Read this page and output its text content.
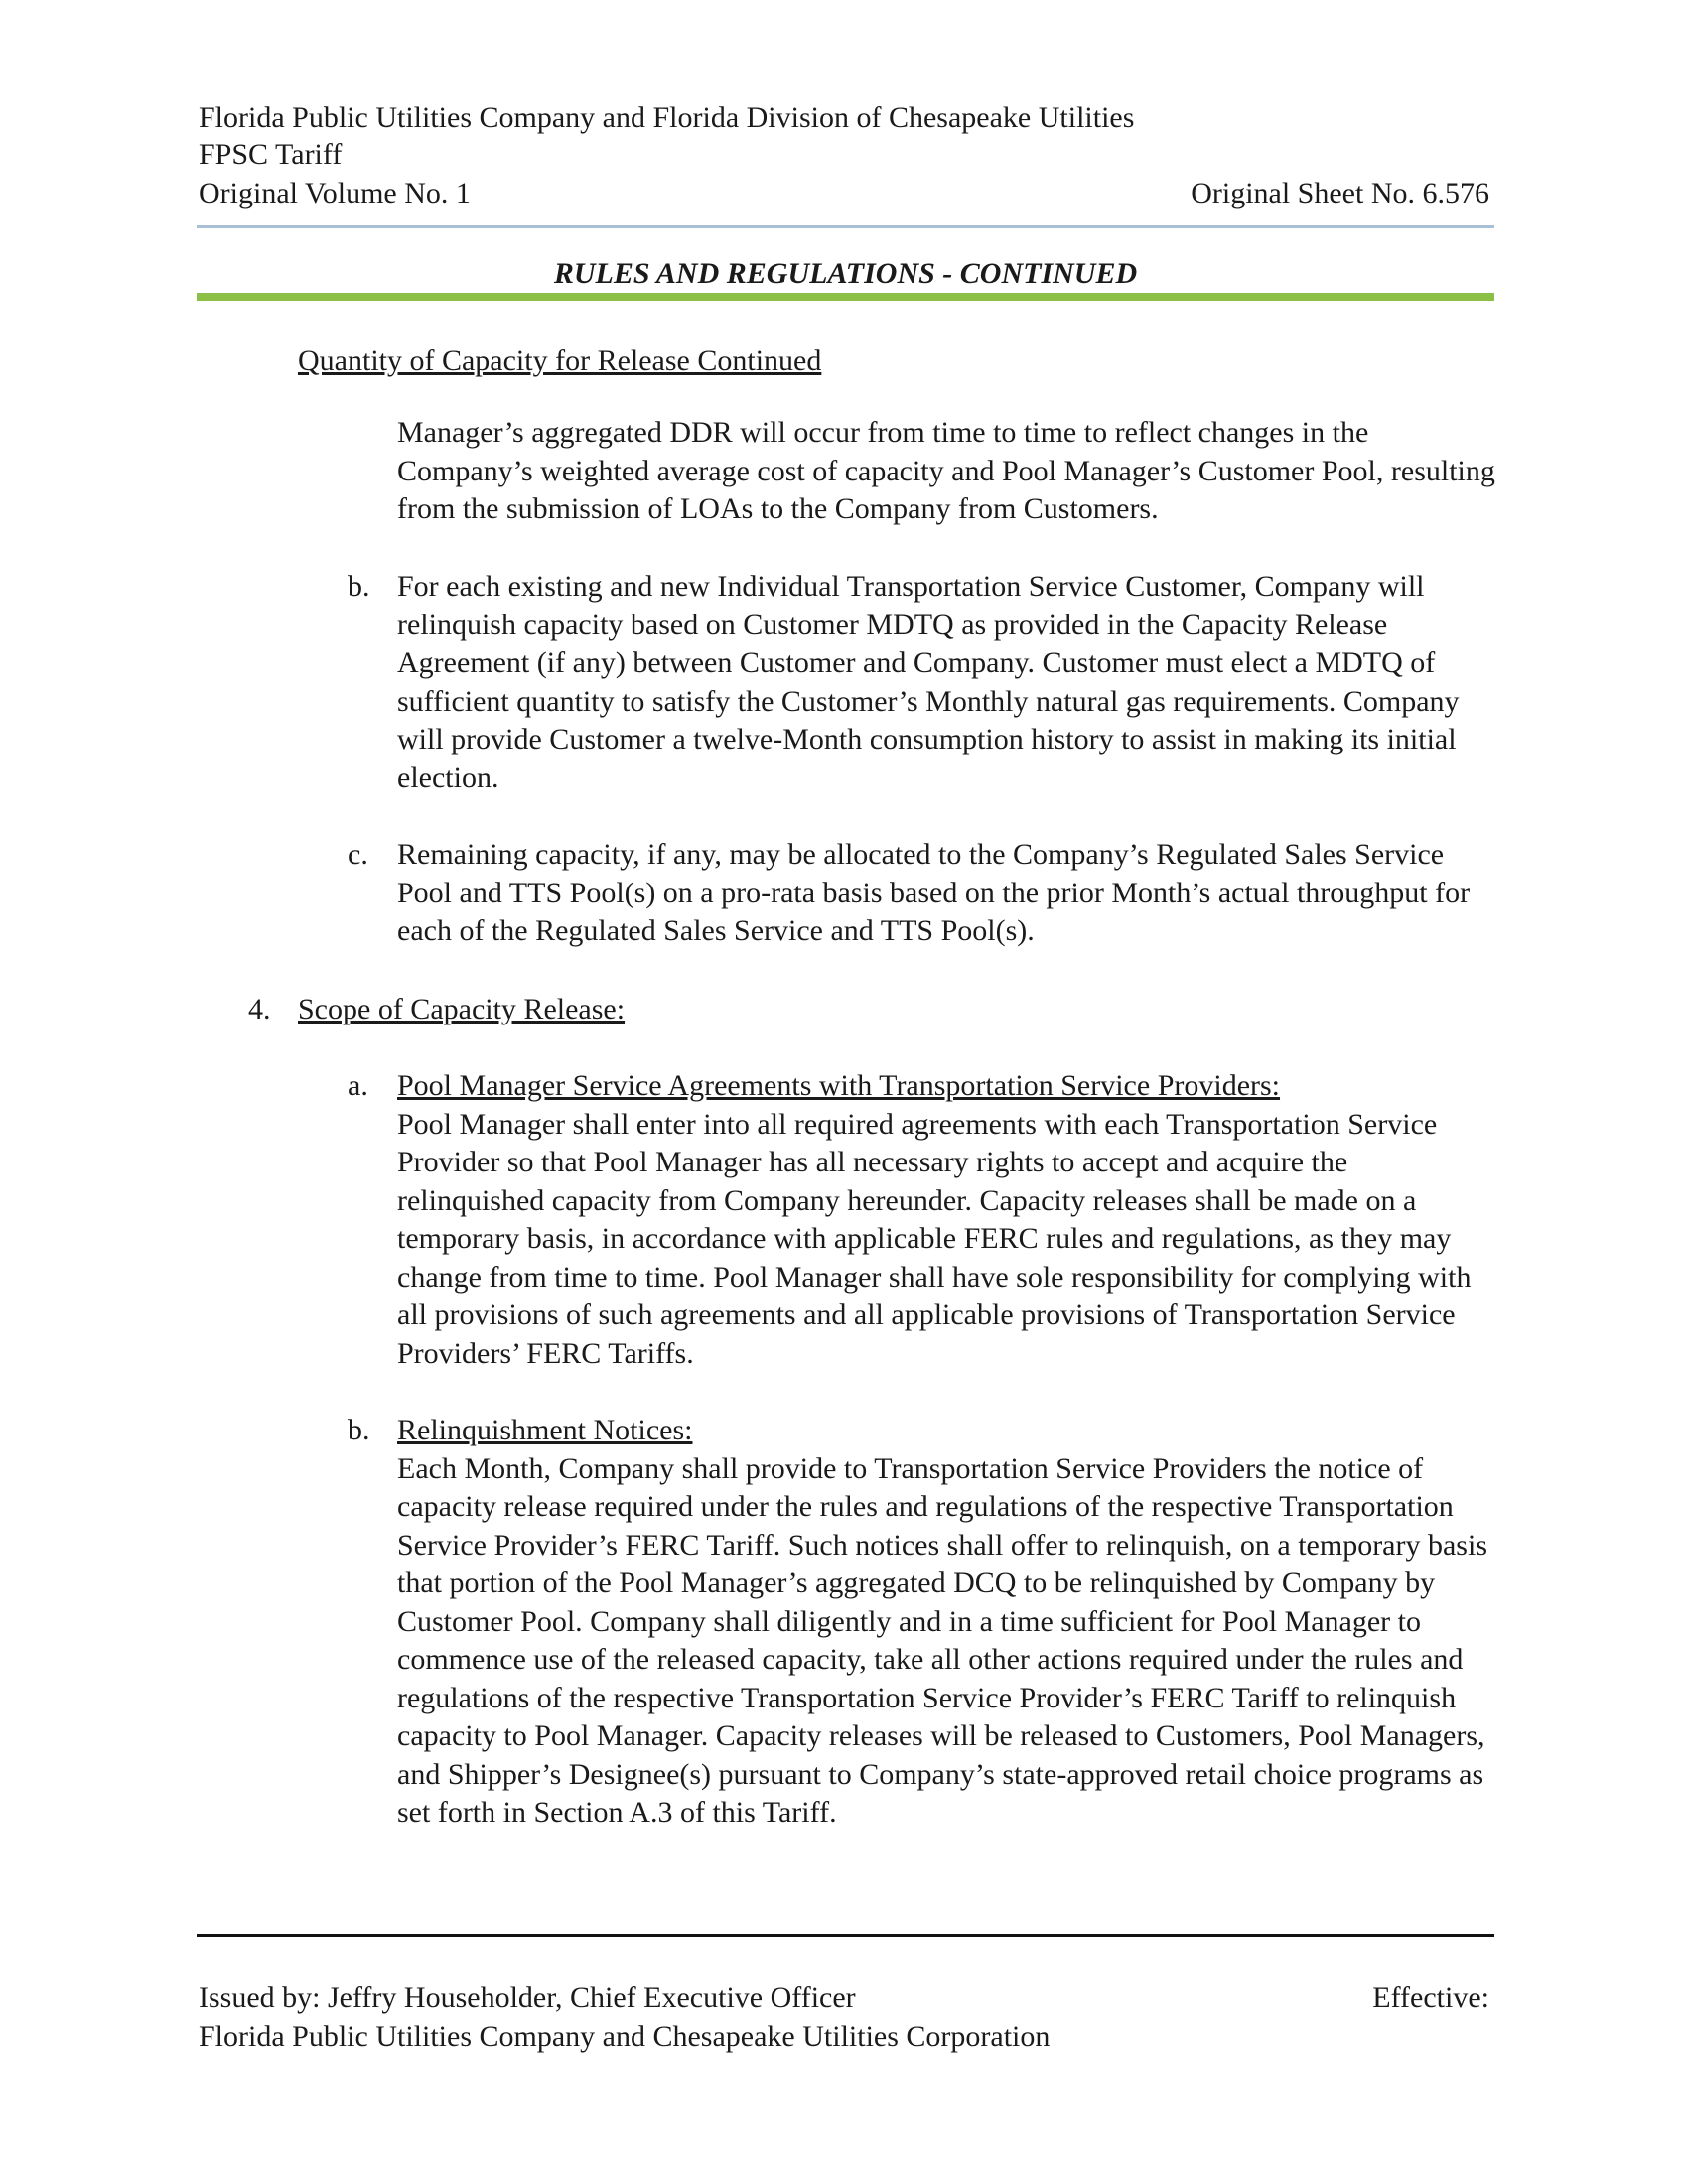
Florida Public Utilities Company and Florida Division of Chesapeake Utilities
FPSC Tariff
Original Volume No. 1	Original Sheet No. 6.576
RULES AND REGULATIONS - CONTINUED
Quantity of Capacity for Release Continued
Manager’s aggregated DDR will occur from time to time to reflect changes in the Company’s weighted average cost of capacity and Pool Manager’s Customer Pool, resulting from the submission of LOAs to the Company from Customers.
b. For each existing and new Individual Transportation Service Customer, Company will relinquish capacity based on Customer MDTQ as provided in the Capacity Release Agreement (if any) between Customer and Company. Customer must elect a MDTQ of sufficient quantity to satisfy the Customer’s Monthly natural gas requirements. Company will provide Customer a twelve-Month consumption history to assist in making its initial election.
c. Remaining capacity, if any, may be allocated to the Company’s Regulated Sales Service Pool and TTS Pool(s) on a pro-rata basis based on the prior Month’s actual throughput for each of the Regulated Sales Service and TTS Pool(s).
4. Scope of Capacity Release:
a. Pool Manager Service Agreements with Transportation Service Providers:
Pool Manager shall enter into all required agreements with each Transportation Service Provider so that Pool Manager has all necessary rights to accept and acquire the relinquished capacity from Company hereunder. Capacity releases shall be made on a temporary basis, in accordance with applicable FERC rules and regulations, as they may change from time to time. Pool Manager shall have sole responsibility for complying with all provisions of such agreements and all applicable provisions of Transportation Service Providers’ FERC Tariffs.
b. Relinquishment Notices:
Each Month, Company shall provide to Transportation Service Providers the notice of capacity release required under the rules and regulations of the respective Transportation Service Provider’s FERC Tariff. Such notices shall offer to relinquish, on a temporary basis that portion of the Pool Manager’s aggregated DCQ to be relinquished by Company by Customer Pool. Company shall diligently and in a time sufficient for Pool Manager to commence use of the released capacity, take all other actions required under the rules and regulations of the respective Transportation Service Provider’s FERC Tariff to relinquish capacity to Pool Manager. Capacity releases will be released to Customers, Pool Managers, and Shipper’s Designee(s) pursuant to Company’s state-approved retail choice programs as set forth in Section A.3 of this Tariff.
Issued by: Jeffry Householder, Chief Executive Officer	Effective:
Florida Public Utilities Company and Chesapeake Utilities Corporation
